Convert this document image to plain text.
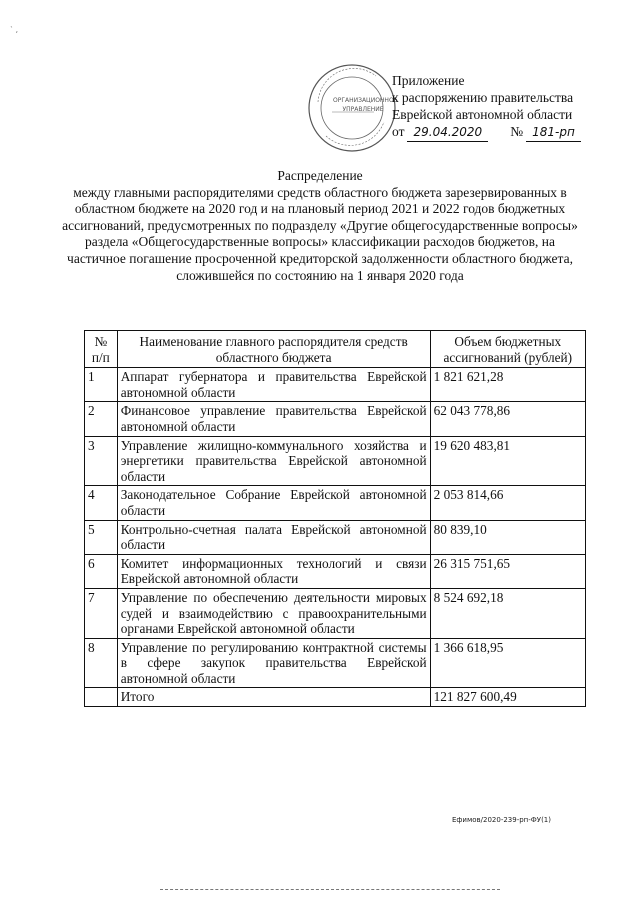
` ,
ОРГАНИЗАЦИОННОЕ УПРАВЛЕНИЕ
Приложение
к распоряжению правительства
Еврейской автономной области
от 29.04.2020 № 181-рп
Распределение
между главными распорядителями средств областного бюджета зарезервированных в областном бюджете на 2020 год и на плановый период 2021 и 2022 годов бюджетных ассигнований, предусмотренных по подразделу «Другие общегосударственные вопросы» раздела «Общегосударственные вопросы» классификации расходов бюджетов, на частичное погашение просроченной кредиторской задолженности областного бюджета, сложившейся по состоянию на 1 января 2020 года
№ п/п	Наименование главного распорядителя средств областного бюджета	Объем бюджетных ассигнований (рублей)
1	Аппарат губернатора и правительства Еврейской автономной области	1 821 621,28
2	Финансовое управление правительства Еврейской автономной области	62 043 778,86
3	Управление жилищно-коммунального хозяйства и энергетики правительства Еврейской автономной области	19 620 483,81
4	Законодательное Собрание Еврейской автономной области	2 053 814,66
5	Контрольно-счетная палата Еврейской автономной области	80 839,10
6	Комитет информационных технологий и связи Еврейской автономной области	26 315 751,65
7	Управление по обеспечению деятельности мировых судей и взаимодействию с правоохранительными органами Еврейской автономной области	8 524 692,18
8	Управление по регулированию контрактной системы в сфере закупок правительства Еврейской автономной области	1 366 618,95
	Итого	121 827 600,49
Ефимов/2020-239-рп-ФУ(1)
